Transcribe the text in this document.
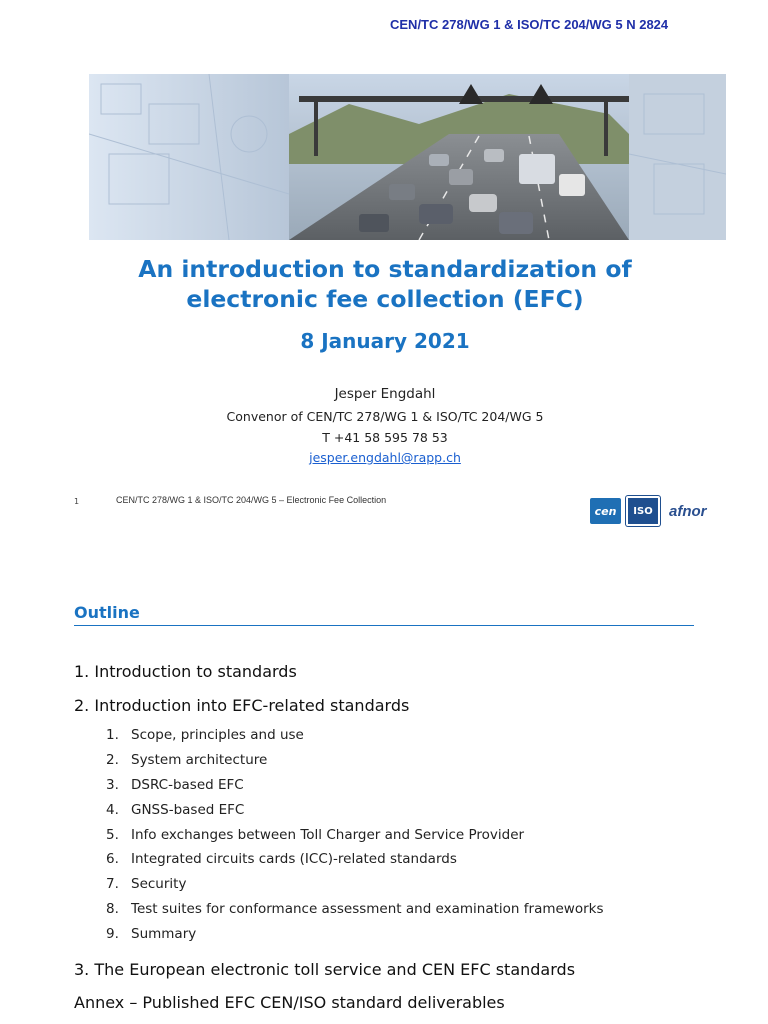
CEN/TC 278/WG 1 & ISO/TC 204/WG 5 N 2824
An introduction to standardization of
electronic fee collection (EFC)
8 January 2021
Jesper Engdahl
Convenor of CEN/TC 278/WG 1 & ISO/TC 204/WG 5
T +41 58 595 78 53
jesper.engdahl@rapp.ch
1	CEN/TC 278/WG 1 & ISO/TC 204/WG 5 – Electronic Fee Collection
cen	ISO	afnor
Outline
1. Introduction to standards
2. Introduction into EFC-related standards
1. Scope, principles and use
2. System architecture
3. DSRC-based EFC
4. GNSS-based EFC
5. Info exchanges between Toll Charger and Service Provider
6. Integrated circuits cards (ICC)-related standards
7. Security
8. Test suites for conformance assessment and examination frameworks
9. Summary
3. The European electronic toll service and CEN EFC standards
Annex – Published EFC CEN/ISO standard deliverables
